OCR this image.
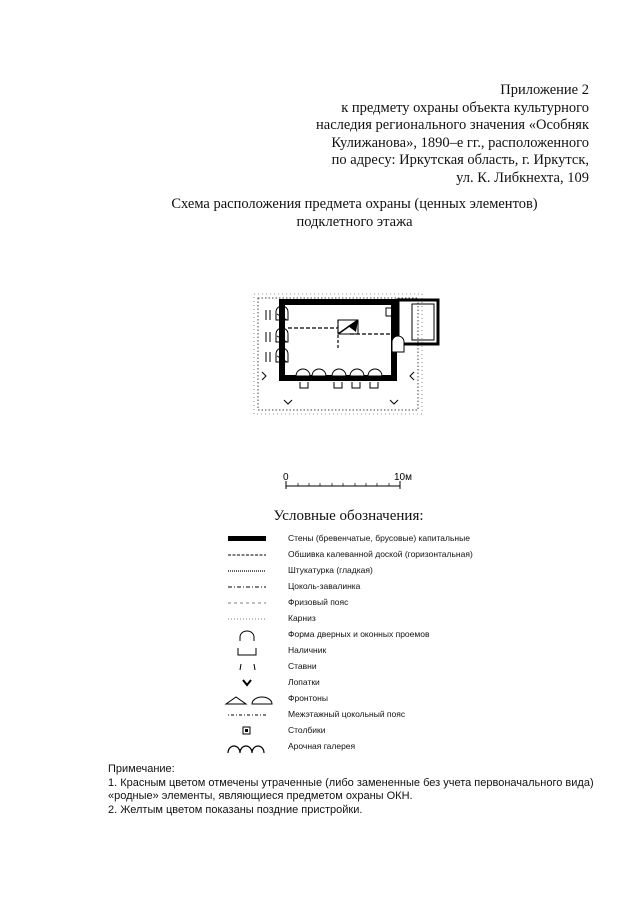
Приложение 2
к предмету охраны объекта культурного
наследия регионального значения «Особняк
Кулижанова», 1890–е гг., расположенного
по адресу: Иркутская область, г. Иркутск,
ул. К. Либкнехта, 109
Схема расположения предмета охраны (ценных элементов)
подклетного этажа
0	10м
Условные обозначения:
Стены (бревенчатые, брусовые) капитальные
Обшивка калеванной доской (горизонтальная)
Штукатурка (гладкая)
Цоколь-завалинка
Фризовый пояс
Карниз
Форма дверных и оконных проемов
Наличник
Ставни
Лопатки
Фронтоны
Межэтажный цокольный пояс
Столбики
Арочная галерея
Примечание:
1. Красным цветом отмечены утраченные (либо замененные без учета первоначального вида)
«родные» элементы, являющиеся предметом охраны ОКН.
2. Желтым цветом показаны поздние пристройки.
